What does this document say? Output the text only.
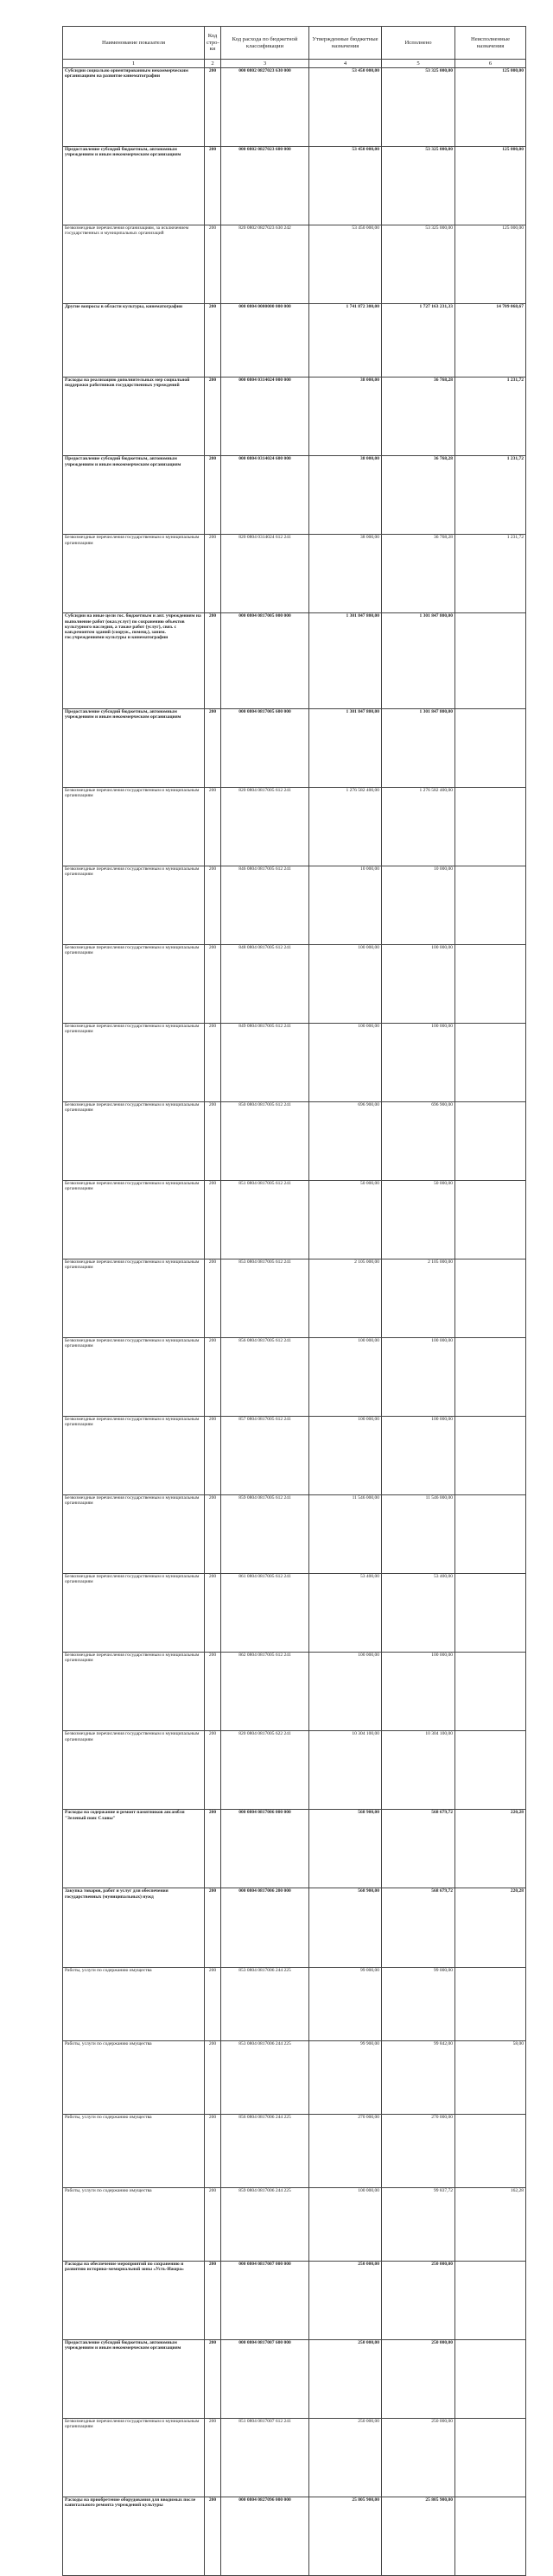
Наименование показателя	Код стро-ки	Код расхода по бюджетной классификации	Утвержденные бюджетные назначения	Исполнено	Неисполненные назначения
1	2	3	4	5	6
Субсидии социально ориентированным некоммерческим организациям на развитие кинематографии	200	000 0802 0827023 630 000	53 450 000,00	53 325 000,00	125 000,00
Предоставление субсидий бюджетным, автономным учреждениям и иным некоммерческим организациям	200	000 0802 0827023 600 000	53 450 000,00	53 325 000,00	125 000,00
Безвозмездные перечисления организациям, за исключением государственных и муниципальных организаций	200	820 0802 0827023 630 242	53 450 000,00	53 325 000,00	125 000,00
Другие вопросы в области культуры, кинематографии	200	000 0804 0000000 000 000	1 741 872 300,00	1 727 163 231,33	14 709 068,67
Расходы на реализацию дополнительных мер социальной поддержки работников государственных учреждений	200	000 0804 0314024 000 000	38 000,00	36 768,28	1 231,72
Предоставление субсидий бюджетным, автономным учреждениям и иным некоммерческим организациям	200	000 0804 0314024 600 000	38 000,00	36 768,28	1 231,72
Безвозмездные перечисления государственным и муниципальным организациям	200	820 0804 0314024 612 241	38 000,00	36 768,28	1 231,72
Субсидии на иные цели гос. бюджетным и авт. учреждениям на выполнение работ (оказ.услуг) по сохранению объектов культурного наследия, а также работ (услуг), связ. с кап.ремонтом зданий (сооруж., помещ.), заним. гос.учреждениями культуры и кинематографии	200	000 0804 0817005 000 000	1 301 847 800,00	1 301 847 800,00	
Предоставление субсидий бюджетным, автономным учреждениям и иным некоммерческим организациям	200	000 0804 0817005 600 000	1 301 847 800,00	1 301 847 800,00	
Безвозмездные перечисления государственным и муниципальным организациям	200	820 0804 0817005 612 241	1 276 582 400,00	1 276 582 400,00	
Безвозмездные перечисления государственным и муниципальным организациям	200	846 0804 0817005 612 241	10 000,00	10 000,00	
Безвозмездные перечисления государственным и муниципальным организациям	200	848 0804 0817005 612 241	100 000,00	100 000,00	
Безвозмездные перечисления государственным и муниципальным организациям	200	849 0804 0817005 612 241	100 000,00	100 000,00	
Безвозмездные перечисления государственным и муниципальным организациям	200	850 0804 0817005 612 241	696 900,00	696 900,00	
Безвозмездные перечисления государственным и муниципальным организациям	200	851 0804 0817005 612 241	50 000,00	50 000,00	
Безвозмездные перечисления государственным и муниципальным организациям	200	853 0804 0817005 612 241	2 105 000,00	2 105 000,00	
Безвозмездные перечисления государственным и муниципальным организациям	200	856 0804 0817005 612 241	100 000,00	100 000,00	
Безвозмездные перечисления государственным и муниципальным организациям	200	857 0804 0817005 612 241	100 000,00	100 000,00	
Безвозмездные перечисления государственным и муниципальным организациям	200	859 0804 0817005 612 241	11 546 000,00	11 546 000,00	
Безвозмездные перечисления государственным и муниципальным организациям	200	861 0804 0817005 612 241	53 400,00	53 400,00	
Безвозмездные перечисления государственным и муниципальным организациям	200	862 0804 0817005 612 241	100 000,00	100 000,00	
Безвозмездные перечисления государственным и муниципальным организациям	200	820 0804 0817005 622 241	10 304 100,00	10 304 100,00	
Расходы на содержание и ремонт памятников ансамбля "Зеленый пояс Славы"	200	000 0804 0817006 000 000	568 900,00	568 679,72	220,28
Закупка товаров, работ и услуг для обеспечения государственных (муниципальных) нужд	200	000 0804 0817006 200 000	568 900,00	568 679,72	220,28
Работы, услуги по содержанию имущества	200	853 0804 0817006 244 225	99 000,00	99 000,00	
Работы, услуги по содержанию имущества	200	853 0804 0817006 244 225	99 900,00	99 842,00	58,00
Работы, услуги по содержанию имущества	200	856 0804 0817006 244 225	270 000,00	270 000,00	
Работы, услуги по содержанию имущества	200	859 0804 0817006 244 225	100 000,00	99 837,72	162,28
Расходы на обеспечение мероприятий по сохранению и развитию историко-мемориальной зоны «Усть-Ижора»	200	000 0804 0817007 000 000	250 000,00	250 000,00	
Предоставление субсидий бюджетным, автономным учреждениям и иным некоммерческим организациям	200	000 0804 0817007 600 000	250 000,00	250 000,00	
Безвозмездные перечисления государственным и муниципальным организациям	200	851 0804 0817007 612 241	250 000,00	250 000,00	
Расходы на приобретение оборудования для вводимых после капитального ремонта учреждений культуры	200	000 0804 0827096 000 000	25 805 900,00	25 805 900,00	
